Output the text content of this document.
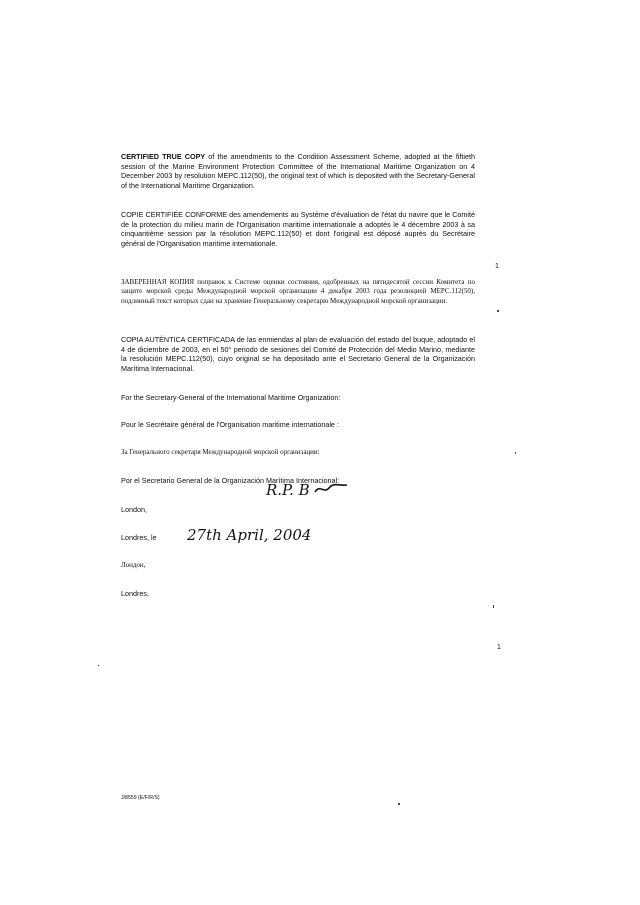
CERTIFIED TRUE COPY of the amendments to the Condition Assessment Scheme, adopted at the fiftieth session of the Marine Environment Protection Committee of the International Maritime Organization on 4 December 2003 by resolution MEPC.112(50), the original text of which is deposited with the Secretary-General of the International Maritime Organization.

COPIE CERTIFIÉE CONFORME des amendements au Système d'évaluation de l'état du navire que le Comité de la protection du milieu marin de l'Organisation maritime internationale a adoptés le 4 décembre 2003 à sa cinquantième session par la résolution MEPC.112(50) et dont l'original est déposé auprès du Secrétaire général de l'Organisation maritime internationale.

ЗАВЕРЕННАЯ КОПИЯ поправок к Системе оценки состояния, одобренных на пятидесятой сессии Комитета по защите морской среды Международной морской организации 4 декабря 2003 года резолюцией МЕРС.112(50), подлинный текст которых сдан на хранение Генеральному секретарю Международной морской организации.

COPIA AUTÉNTICA CERTIFICADA de las enmiendas al plan de evaluación del estado del buque, adoptado el 4 de diciembre de 2003, en el 50° periodo de sesiones del Comité de Protección del Medio Marino, mediante la resolución MEPC.112(50), cuyo original se ha depositado ante el Secretario General de la Organización Marítima Internacional.

For the Secretary-General of the International Maritime Organization:

Pour le Secrétaire général de l'Organisation maritime internationale :

За Генерального секретаря Международной морской организации:

Por el Secretario General de la Organización Marítima Internacional:

R.P. B

London,

Londres, le 27th April, 2004

Лондон,

Londres,

J/8559 (E/F/R/S)

1
1
